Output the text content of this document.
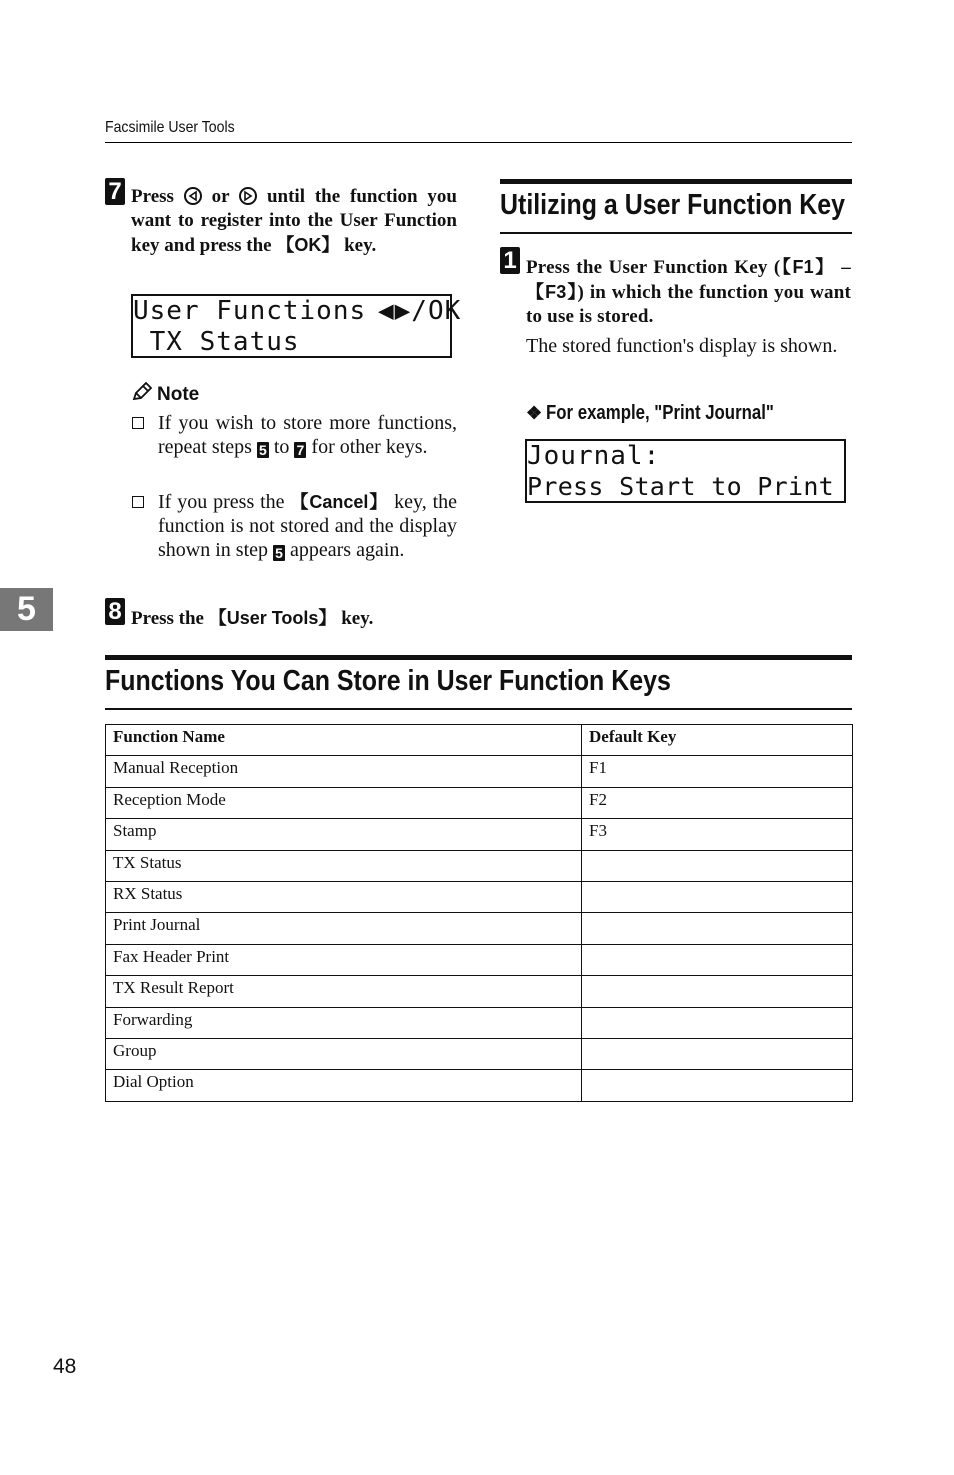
Facsimile User Tools
7 Press or until the function you want to register into the User Function key and press the 【OK】 key.
User Functions ◀▶/OK
TX Status
Note
If you wish to store more functions, repeat steps 5 to 7 for other keys.
If you press the 【Cancel】 key, the function is not stored and the display shown in step 5 appears again.
8 Press the 【User Tools】 key.
Utilizing a User Function Key
1 Press the User Function Key (【F1】 – 【F3】) in which the function you want to use is stored.
The stored function's display is shown.
❖ For example, "Print Journal"
Journal:
Press Start to Print
5
Functions You Can Store in User Function Keys
Function Name	Default Key
Manual Reception	F1
Reception Mode	F2
Stamp	F3
TX Status	
RX Status	
Print Journal	
Fax Header Print	
TX Result Report	
Forwarding	
Group	
Dial Option	
48
